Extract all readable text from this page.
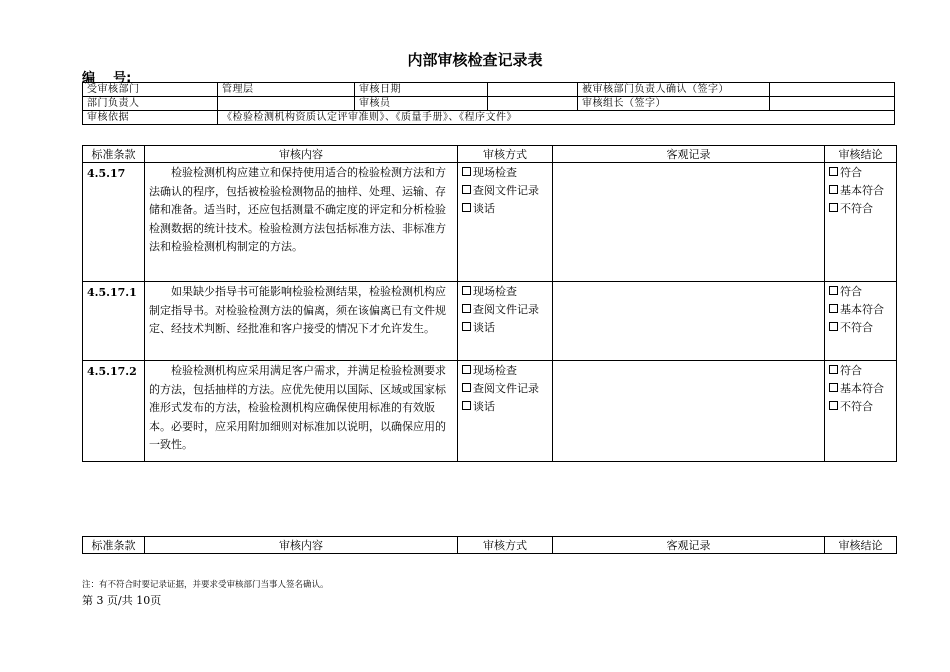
内部审核检查记录表
编    号:
受审核部门	管理层	审核日期		被审核部门负责人确认（签字）	
部门负责人		审核员		审核组长（签字）	
审核依据	《检验检测机构资质认定评审准则》、《质量手册》、《程序文件》				
标准条款	审核内容	审核方式	客观记录	审核结论
4.5.17	检验检测机构应建立和保持使用适合的检验检测方法和方法确认的程序，包括被检验检测物品的抽样、处理、运输、存储和准备。适当时，还应包括测量不确定度的评定和分析检验检测数据的统计技术。检验检测方法包括标准方法、非标准方法和检验检测机构制定的方法。	现场检查
查阅文件记录
谈话		符合
基本符合
不符合

4.5.17.1	如果缺少指导书可能影响检验检测结果，检验检测机构应制定指导书。对检验检测方法的偏离，须在该偏离已有文件规定、经技术判断、经批准和客户接受的情况下才允许发生。	现场检查
查阅文件记录
谈话		符合
基本符合
不符合

4.5.17.2	检验检测机构应采用满足客户需求，并满足检验检测要求的方法，包括抽样的方法。应优先使用以国际、区域或国家标准形式发布的方法，检验检测机构应确保使用标准的有效版本。必要时，应采用附加细则对标准加以说明，以确保应用的一致性。	现场检查
查阅文件记录
谈话		符合
基本符合
不符合
标准条款	审核内容	审核方式	客观记录	审核结论
注：有不符合时要记录证据，并要求受审核部门当事人签名确认。
第 3 页/共 10页
